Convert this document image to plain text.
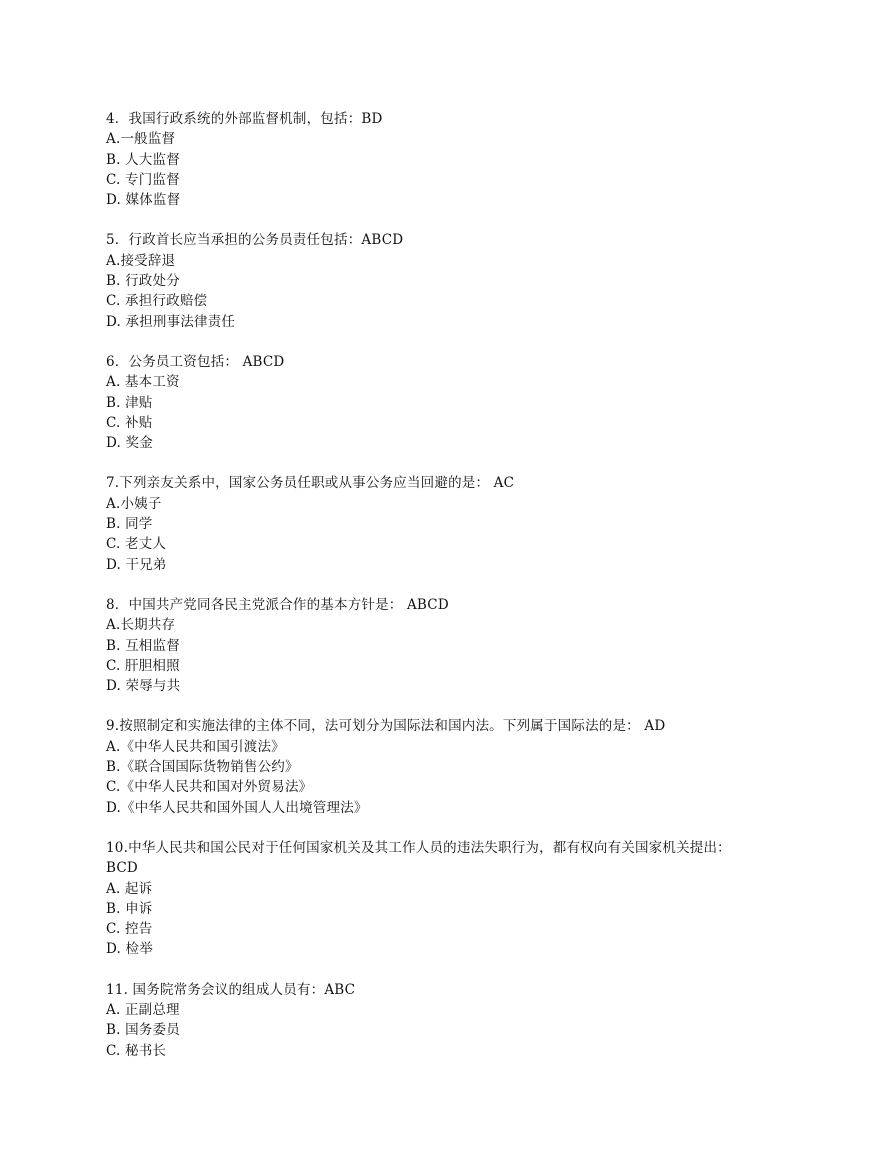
4．我国行政系统的外部监督机制，包括：BD
A.一般监督
B. 人大监督
C. 专门监督
D. 媒体监督
5．行政首长应当承担的公务员责任包括：ABCD
A.接受辞退
B. 行政处分
C. 承担行政赔偿
D. 承担刑事法律责任
6．公务员工资包括： ABCD
A. 基本工资
B. 津贴
C. 补贴
D. 奖金
7.下列亲友关系中，国家公务员任职或从事公务应当回避的是： AC
A.小姨子
B. 同学
C. 老丈人
D. 干兄弟
8．中国共产党同各民主党派合作的基本方针是： ABCD
A.长期共存
B. 互相监督
C. 肝胆相照
D. 荣辱与共
9.按照制定和实施法律的主体不同，法可划分为国际法和国内法。下列属于国际法的是： AD
A.《中华人民共和国引渡法》
B.《联合国国际货物销售公约》
C.《中华人民共和国对外贸易法》
D.《中华人民共和国外国人人出境管理法》
10.中华人民共和国公民对于任何国家机关及其工作人员的违法失职行为，都有权向有关国家机关提出：
BCD
A. 起诉
B. 申诉
C. 控告
D. 检举
11. 国务院常务会议的组成人员有：ABC
A. 正副总理
B. 国务委员
C. 秘书长
